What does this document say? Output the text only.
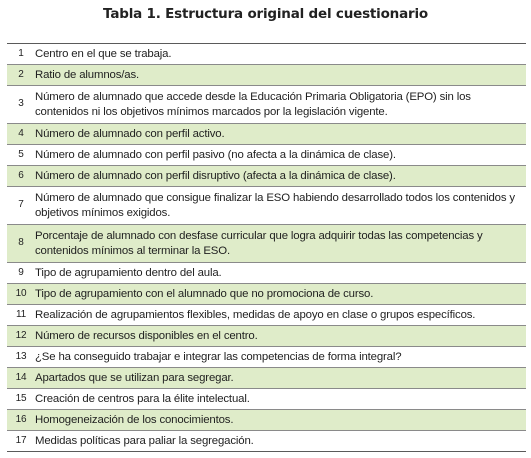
Tabla 1. Estructura original del cuestionario
1 Centro en el que se trabaja.
2 Ratio de alumnos/as.
3
Número de alumnado que accede desde la Educación Primaria Obligatoria (EPO) sin los contenidos ni los objetivos mínimos marcados por la legislación vigente.
4 Número de alumnado con perfil activo.
5 Número de alumnado con perfil pasivo (no afecta a la dinámica de clase).
6 Número de alumnado con perfil disruptivo (afecta a la dinámica de clase).
7
Número de alumnado que consigue finalizar la ESO habiendo desarrollado todos los contenidos y objetivos mínimos exigidos.
8
Porcentaje de alumnado con desfase curricular que logra adquirir todas las competencias y contenidos mínimos al terminar la ESO.
9 Tipo de agrupamiento dentro del aula.
10 Tipo de agrupamiento con el alumnado que no promociona de curso.
11 Realización de agrupamientos flexibles, medidas de apoyo en clase o grupos específicos.
12 Número de recursos disponibles en el centro.
13 ¿Se ha conseguido trabajar e integrar las competencias de forma integral?
14 Apartados que se utilizan para segregar.
15 Creación de centros para la élite intelectual.
16 Homogeneización de los conocimientos.
17 Medidas políticas para paliar la segregación.
